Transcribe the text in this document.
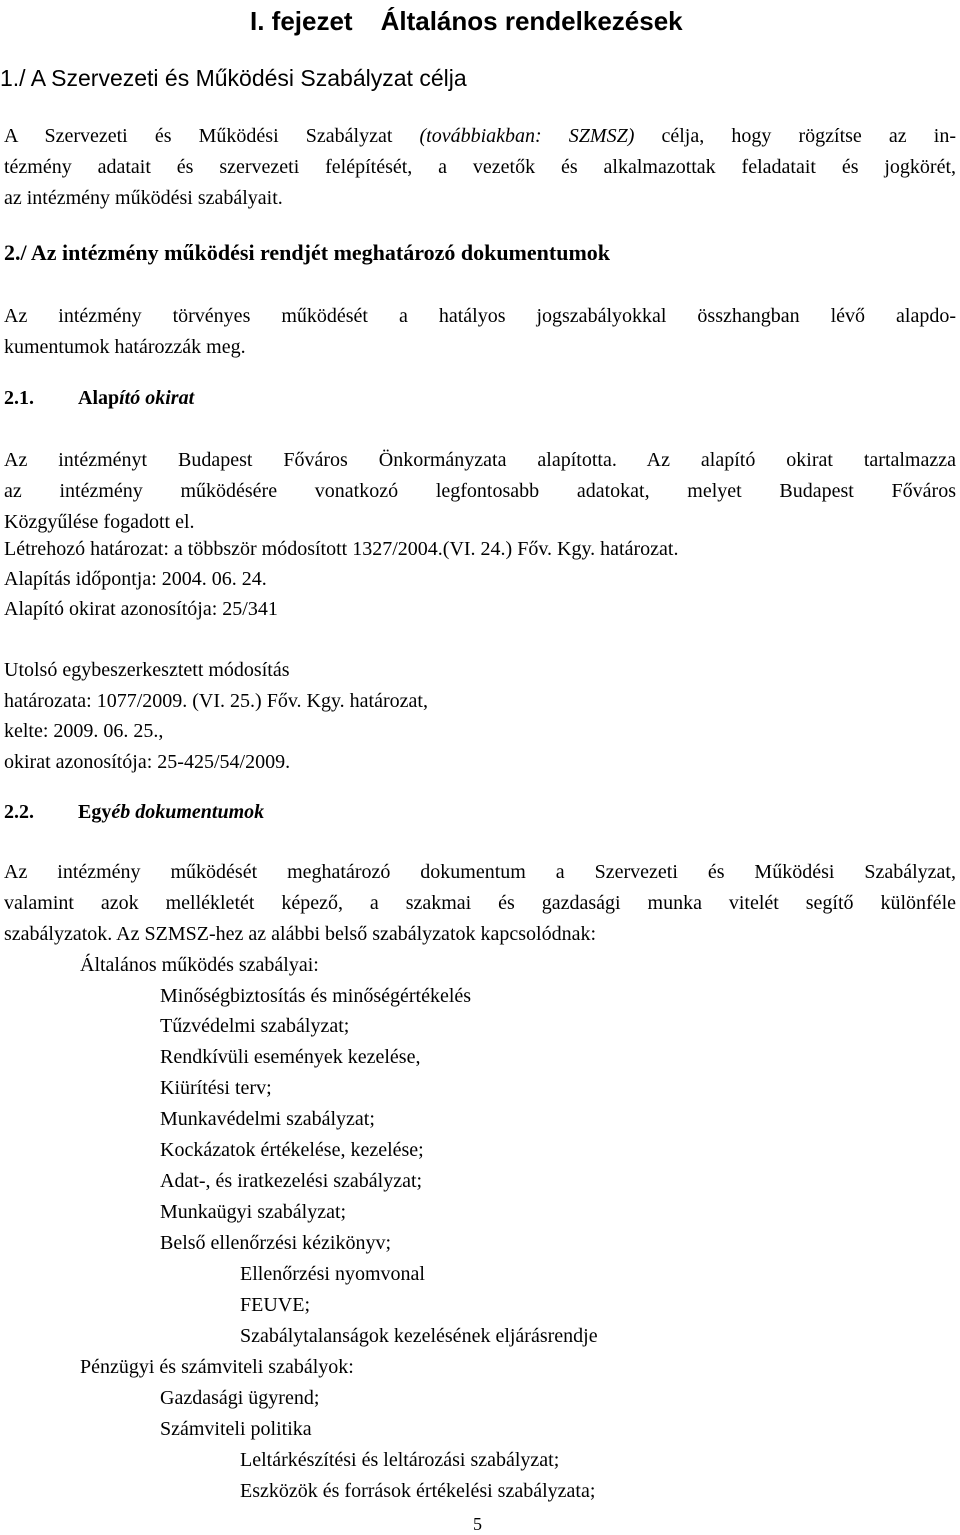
I. fejezet Általános rendelkezések
1./ A Szervezeti és Működési Szabályzat célja
A Szervezeti és Működési Szabályzat (továbbiakban: SZMSZ) célja, hogy rögzítse az in-
tézmény adatait és szervezeti felépítését, a vezetők és alkalmazottak feladatait és jogkörét,
az intézmény működési szabályait.
2./ Az intézmény működési rendjét meghatározó dokumentumok
Az intézmény törvényes működését a hatályos jogszabályokkal összhangban lévő alapdo-
kumentumok határozzák meg.
2.1. Alapító okirat
Az intézményt Budapest Főváros Önkormányzata alapította. Az alapító okirat tartalmazza
az intézmény működésére vonatkozó legfontosabb adatokat, melyet Budapest Főváros
Közgyűlése fogadott el.
Létrehozó határozat: a többször módosított 1327/2004.(VI. 24.) Főv. Kgy. határozat.
Alapítás időpontja: 2004. 06. 24.
Alapító okirat azonosítója: 25/341
Utolsó egybeszerkesztett módosítás
határozata: 1077/2009. (VI. 25.) Főv. Kgy. határozat,
kelte: 2009. 06. 25.,
okirat azonosítója: 25-425/54/2009.
2.2. Egyéb dokumentumok
Az intézmény működését meghatározó dokumentum a Szervezeti és Működési Szabályzat,
valamint azok mellékletét képező, a szakmai és gazdasági munka vitelét segítő különféle
szabályzatok. Az SZMSZ-hez az alábbi belső szabályzatok kapcsolódnak:
Általános működés szabályai:
Minőségbiztosítás és minőségértékelés
Tűzvédelmi szabályzat;
Rendkívüli események kezelése,
Kiürítési terv;
Munkavédelmi szabályzat;
Kockázatok értékelése, kezelése;
Adat-, és iratkezelési szabályzat;
Munkaügyi szabályzat;
Belső ellenőrzési kézikönyv;
Ellenőrzési nyomvonal
FEUVE;
Szabálytalanságok kezelésének eljárásrendje
Pénzügyi és számviteli szabályok:
Gazdasági ügyrend;
Számviteli politika
Leltárkészítési és leltározási szabályzat;
Eszközök és források értékelési szabályzata;
5
